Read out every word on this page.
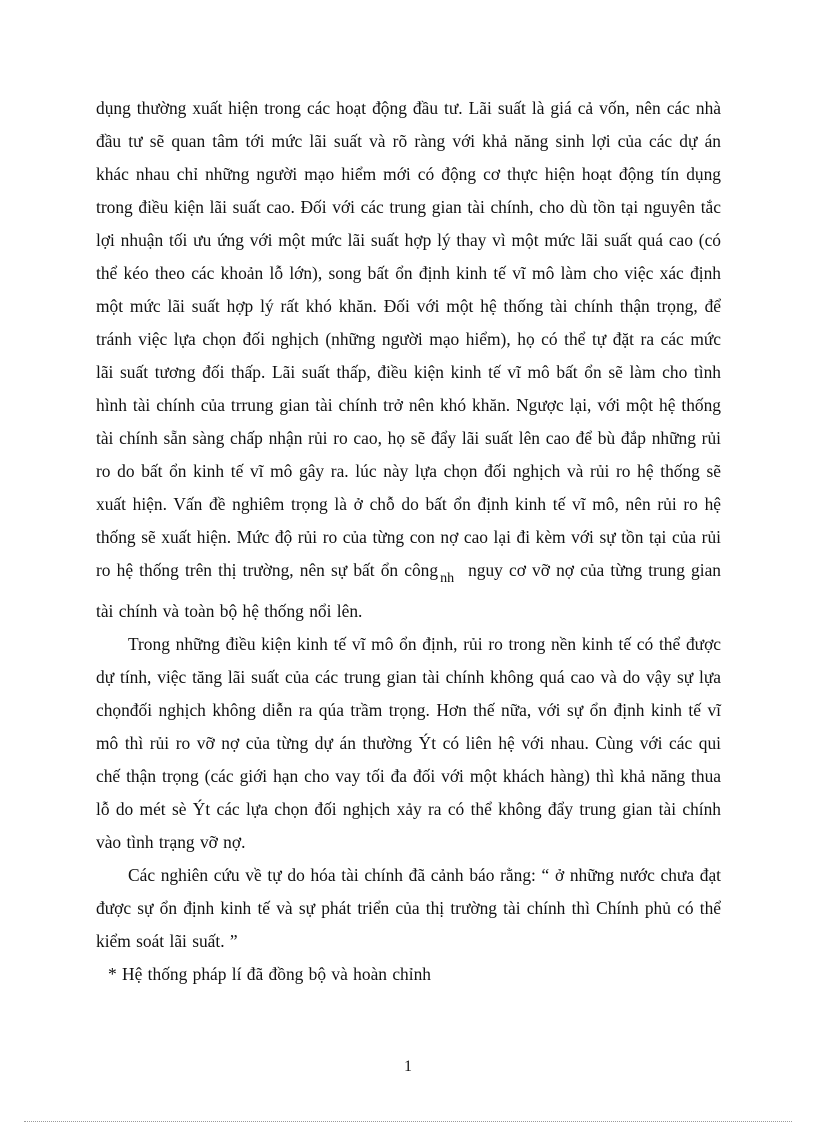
dụng thường xuất hiện trong các hoạt động đầu tư. Lãi suất là giá cả vốn, nên các nhà đầu tư sẽ quan tâm tới mức lãi suất và rõ ràng với khả năng sinh lợi của các dự án khác nhau chỉ những người mạo hiểm mới có động cơ thực hiện hoạt động tín dụng trong điều kiện lãi suất cao. Đối với các trung gian tài chính, cho dù tồn tại nguyên tắc lợi nhuận tối ưu ứng với một mức lãi suất hợp lý thay vì một mức lãi suất quá cao (có thể kéo theo các khoản lỗ lớn), song bất ổn định kinh tế vĩ mô làm cho việc xác định một mức lãi suất hợp lý rất khó khăn. Đối với một hệ thống tài chính thận trọng, để tránh việc lựa chọn đối nghịch (những người mạo hiểm), họ có thể tự đặt ra các mức lãi suất tương đối thấp. Lãi suất thấp, điều kiện kinh tế vĩ mô bất ổn sẽ làm cho tình hình tài chính của trrung gian tài chính trở nên khó khăn. Ngược lại, với một hệ thống tài chính sẵn sàng chấp nhận rủi ro cao, họ sẽ đẩy lãi suất lên cao để bù đắp những rủi ro do bất ổn kinh tế vĩ mô gây ra. lúc này lựa chọn đối nghịch và rủi ro hệ thống sẽ xuất hiện. Vấn đề nghiêm trọng là ở chỗ do bất ổn định kinh tế vĩ mô, nên rủi ro hệ thống sẽ xuất hiện. Mức độ rủi ro của từng con nợ cao lại đi kèm với sự tồn tại của rủi ro hệ thống trên thị trường, nên sự bất ổn công $_{nh}$ nguy cơ vỡ nợ của từng trung gian tài chính và toàn bộ hệ thống nổi lên.

Trong những điều kiện kinh tế vĩ mô ổn định, rủi ro trong nền kinh tế có thể được dự tính, việc tăng lãi suất của các trung gian tài chính không quá cao và do vậy sự lựa chọnđối nghịch không diễn ra qúa trầm trọng. Hơn thế nữa, với sự ổn định kinh tế vĩ mô thì rủi ro vỡ nợ của từng dự án thường Ýt có liên hệ với nhau. Cùng với các qui chế thận trọng (các giới hạn cho vay tối đa đối với một khách hàng) thì khả năng thua lỗ do mét sè Ýt các lựa chọn đối nghịch xảy ra có thể không đẩy trung gian tài chính vào tình trạng vỡ nợ.

Các nghiên cứu về tự do hóa tài chính đã cảnh báo rằng: “ ở những nước chưa đạt được sự ổn định kinh tế và sự phát triển của thị trường tài chính thì Chính phủ có thể kiểm soát lãi suất. ”

* Hệ thống pháp lí đã đồng bộ và hoàn chỉnh

1
